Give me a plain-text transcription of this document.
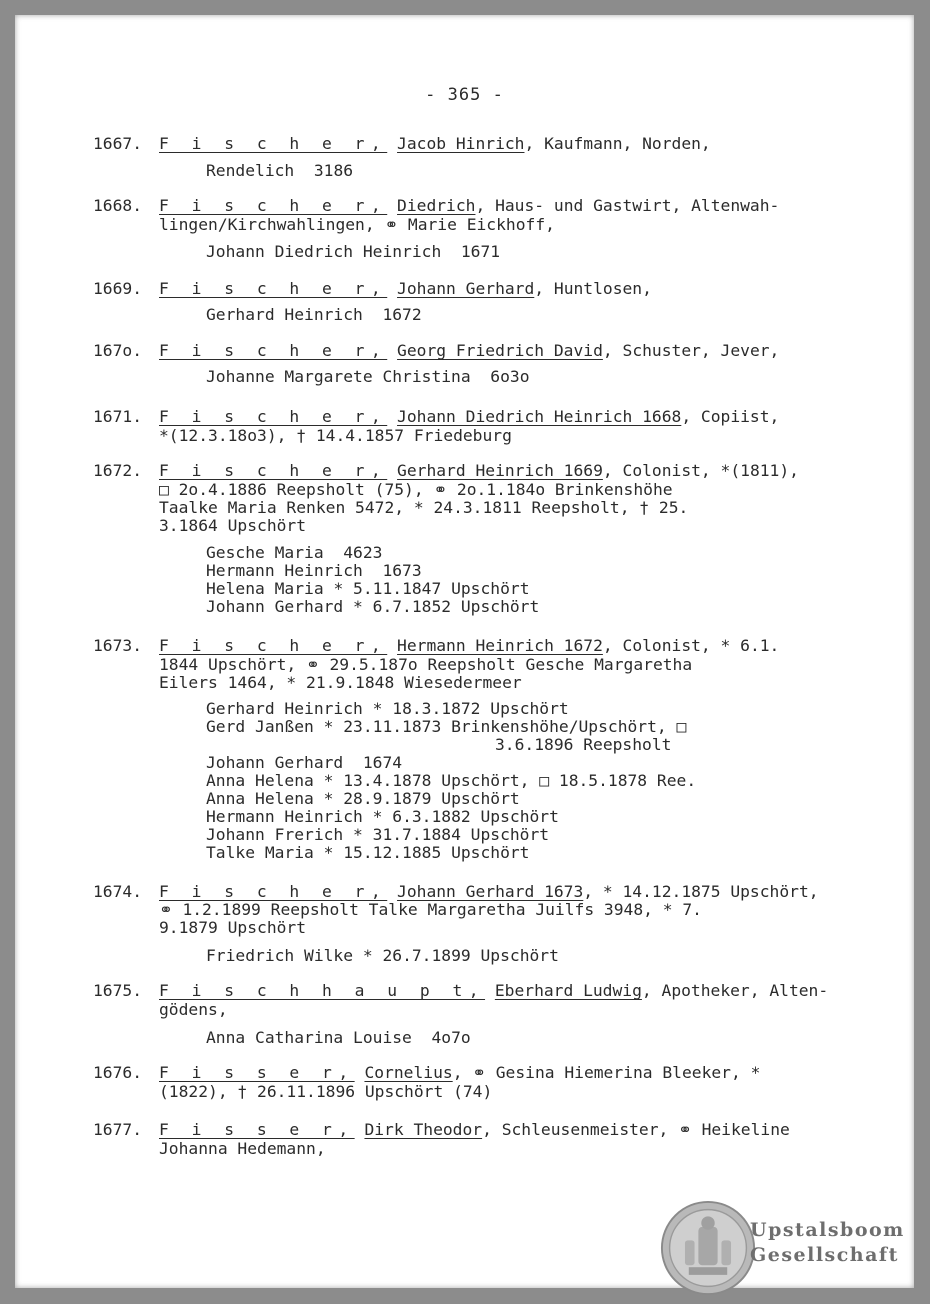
- 365 -
1667. F i s c h e r, Jacob Hinrich, Kaufmann, Norden,
Rendelich 3186
1668. F i s c h e r, Diedrich, Haus- und Gastwirt, Altenwah-
lingen/Kirchwahlingen, ⚭ Marie Eickhoff,
Johann Diedrich Heinrich 1671
1669. F i s c h e r, Johann Gerhard, Huntlosen,
Gerhard Heinrich 1672
167o. F i s c h e r, Georg Friedrich David, Schuster, Jever,
Johanne Margarete Christina 6o3o
1671. F i s c h e r, Johann Diedrich Heinrich 1668, Copiist,
*(12.3.18o3), † 14.4.1857 Friedeburg
1672. F i s c h e r, Gerhard Heinrich 1669, Colonist, *(1811),
□ 2o.4.1886 Reepsholt (75), ⚭ 2o.1.184o Brinkenshöhe
Taalke Maria Renken 5472, * 24.3.1811 Reepsholt, † 25.
3.1864 Upschört
Gesche Maria 4623
Hermann Heinrich 1673
Helena Maria * 5.11.1847 Upschört
Johann Gerhard * 6.7.1852 Upschört
1673. F i s c h e r, Hermann Heinrich 1672, Colonist, * 6.1.
1844 Upschört, ⚭ 29.5.187o Reepsholt Gesche Margaretha
Eilers 1464, * 21.9.1848 Wiesedermeer
Gerhard Heinrich * 18.3.1872 Upschört
Gerd Janßen * 23.11.1873 Brinkenshöhe/Upschört, □
3.6.1896 Reepsholt
Johann Gerhard 1674
Anna Helena * 13.4.1878 Upschört, □ 18.5.1878 Ree.
Anna Helena * 28.9.1879 Upschört
Hermann Heinrich * 6.3.1882 Upschört
Johann Frerich * 31.7.1884 Upschört
Talke Maria * 15.12.1885 Upschört
1674. F i s c h e r, Johann Gerhard 1673, * 14.12.1875 Upschört,
⚭ 1.2.1899 Reepsholt Talke Margaretha Juilfs 3948, * 7.
9.1879 Upschört
Friedrich Wilke * 26.7.1899 Upschört
1675. F i s c h h a u p t, Eberhard Ludwig, Apotheker, Alten-
gödens,
Anna Catharina Louise 4o7o
1676. F i s s e r, Cornelius, ⚭ Gesina Hiemerina Bleeker, *
(1822), † 26.11.1896 Upschört (74)
1677. F i s s e r, Dirk Theodor, Schleusenmeister, ⚭ Heikeline
Johanna Hedemann,
Upstalsboom
Gesellschaft
